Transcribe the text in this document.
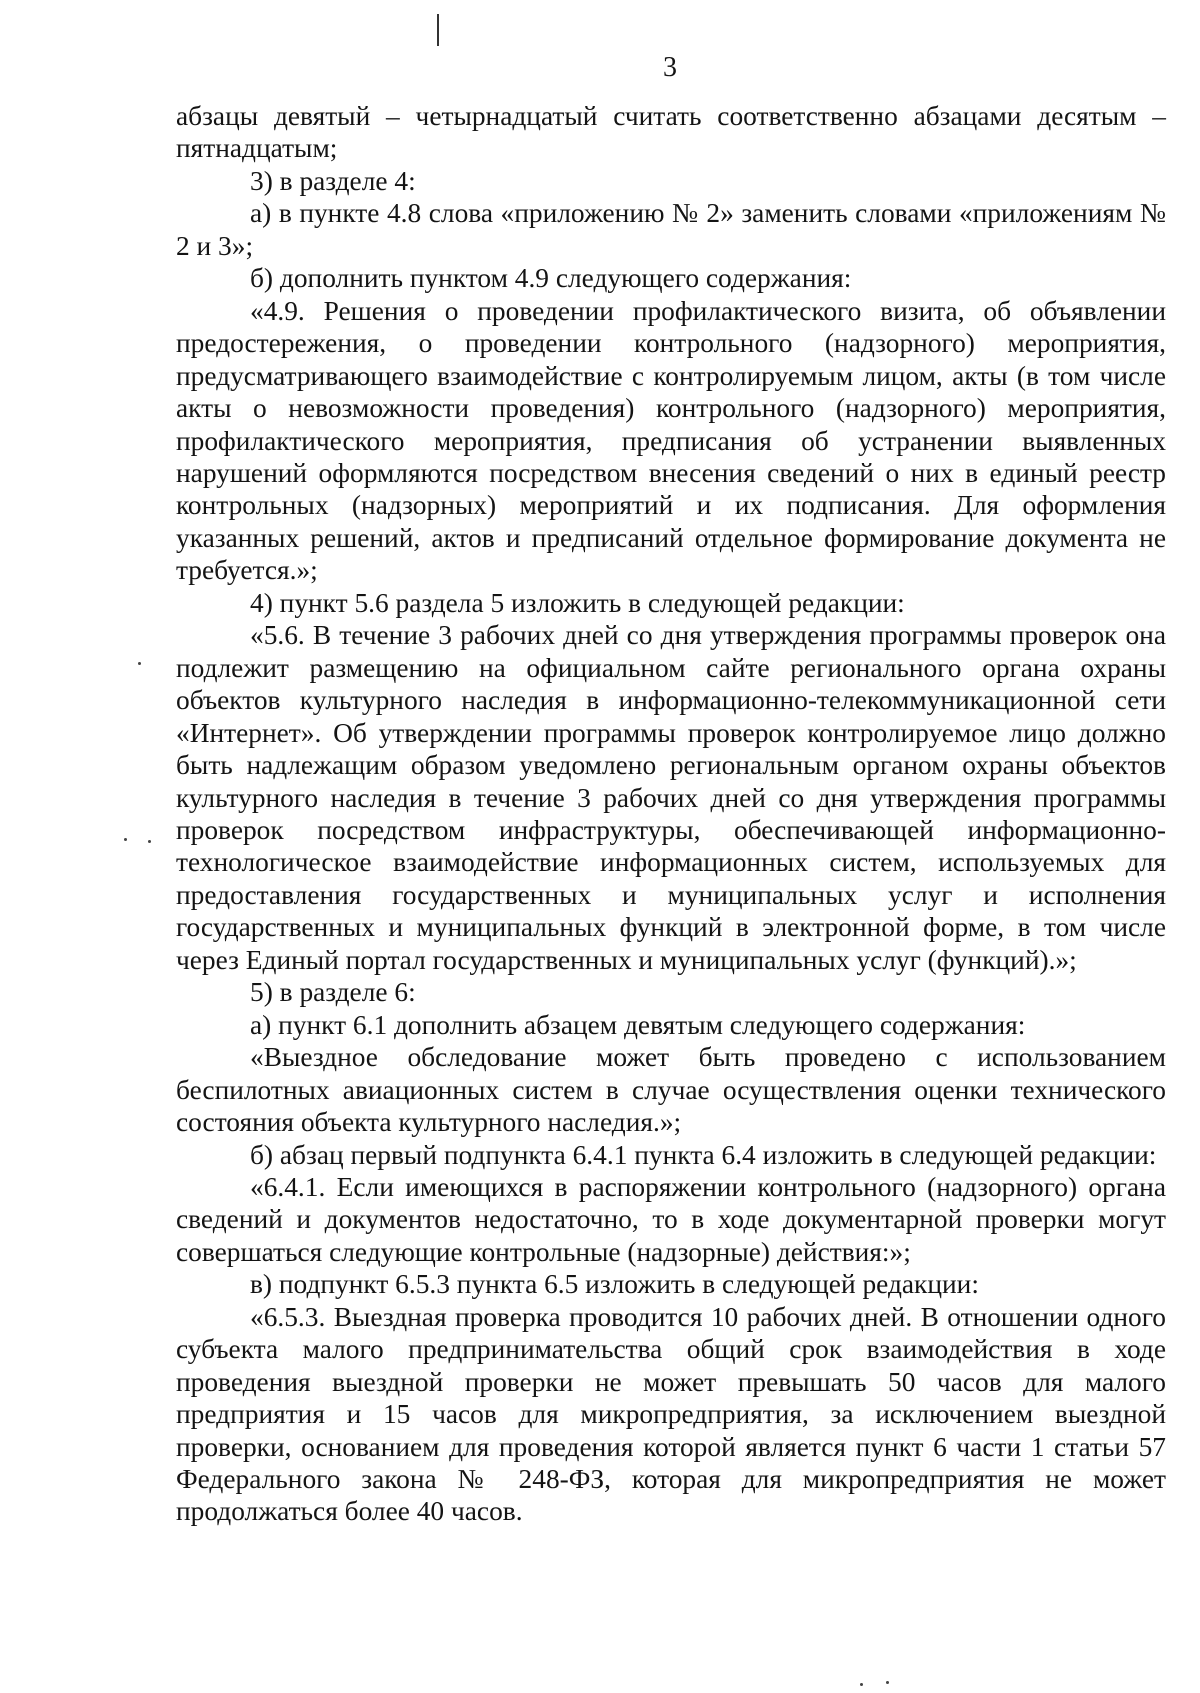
3

абзацы девятый – четырнадцатый считать соответственно абзацами десятым – пятнадцатым;

3) в разделе 4:

а) в пункте 4.8 слова «приложению № 2» заменить словами «приложениям № 2 и 3»;

б) дополнить пунктом 4.9 следующего содержания:

«4.9. Решения о проведении профилактического визита, об объявлении предостережения, о проведении контрольного (надзорного) мероприятия, предусматривающего взаимодействие с контролируемым лицом, акты (в том числе акты о невозможности проведения) контрольного (надзорного) мероприятия, профилактического мероприятия, предписания об устранении выявленных нарушений оформляются посредством внесения сведений о них в единый реестр контрольных (надзорных) мероприятий и их подписания. Для оформления указанных решений, актов и предписаний отдельное формирование документа не требуется.»;

4) пункт 5.6 раздела 5 изложить в следующей редакции:

«5.6. В течение 3 рабочих дней со дня утверждения программы проверок она подлежит размещению на официальном сайте регионального органа охраны объектов культурного наследия в информационно-телекоммуникационной сети «Интернет». Об утверждении программы проверок контролируемое лицо должно быть надлежащим образом уведомлено региональным органом охраны объектов культурного наследия в течение 3 рабочих дней со дня утверждения программы проверок посредством инфраструктуры, обеспечивающей информационно-технологическое взаимодействие информационных систем, используемых для предоставления государственных и муниципальных услуг и исполнения государственных и муниципальных функций в электронной форме, в том числе через Единый портал государственных и муниципальных услуг (функций).»;

5) в разделе 6:

а) пункт 6.1 дополнить абзацем девятым следующего содержания:

«Выездное обследование может быть проведено с использованием беспилотных авиационных систем в случае осуществления оценки технического состояния объекта культурного наследия.»;

б) абзац первый подпункта 6.4.1 пункта 6.4 изложить в следующей редакции:

«6.4.1. Если имеющихся в распоряжении контрольного (надзорного) органа сведений и документов недостаточно, то в ходе документарной проверки могут совершаться следующие контрольные (надзорные) действия:»;

в) подпункт 6.5.3 пункта 6.5 изложить в следующей редакции:

«6.5.3. Выездная проверка проводится 10 рабочих дней. В отношении одного субъекта малого предпринимательства общий срок взаимодействия в ходе проведения выездной проверки не может превышать 50 часов для малого предприятия и 15 часов для микропредприятия, за исключением выездной проверки, основанием для проведения которой является пункт 6 части 1 статьи 57 Федерального закона № 248-ФЗ, которая для микропредприятия не может продолжаться более 40 часов.
